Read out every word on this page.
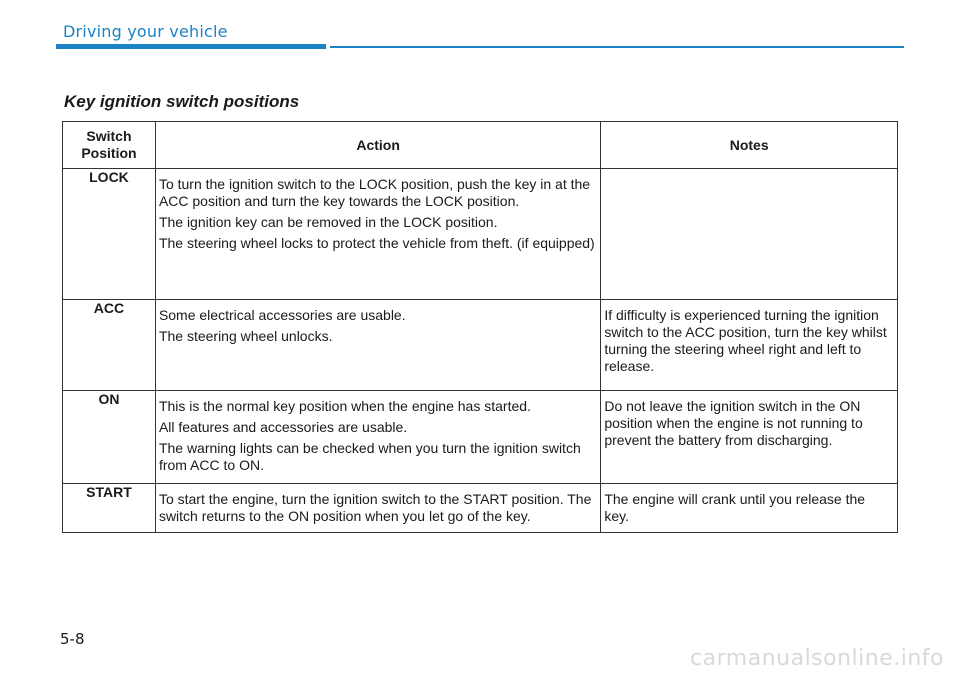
Driving your vehicle
Key ignition switch positions
Switch
Position	Action	Notes
LOCK	To turn the ignition switch to the LOCK position, push the key in at the ACC position and turn the key towards the LOCK position.

The ignition key can be removed in the LOCK position.

The steering wheel locks to protect the vehicle from theft. (if equipped)	

ACC	Some electrical accessories are usable.

The steering wheel unlocks.	If difficulty is experienced turning the ignition switch to the ACC position, turn the key whilst turning the steering wheel right and left to release.

ON	This is the normal key position when the engine has started.

All features and accessories are usable.

The warning lights can be checked when you turn the ignition switch from ACC to ON.	Do not leave the ignition switch in the ON position when the engine is not running to prevent the battery from discharging.

START	To start the engine, turn the ignition switch to the START position. The switch returns to the ON position when you let go of the key.	The engine will crank until you release the key.

5-8
carmanualsonline.info
